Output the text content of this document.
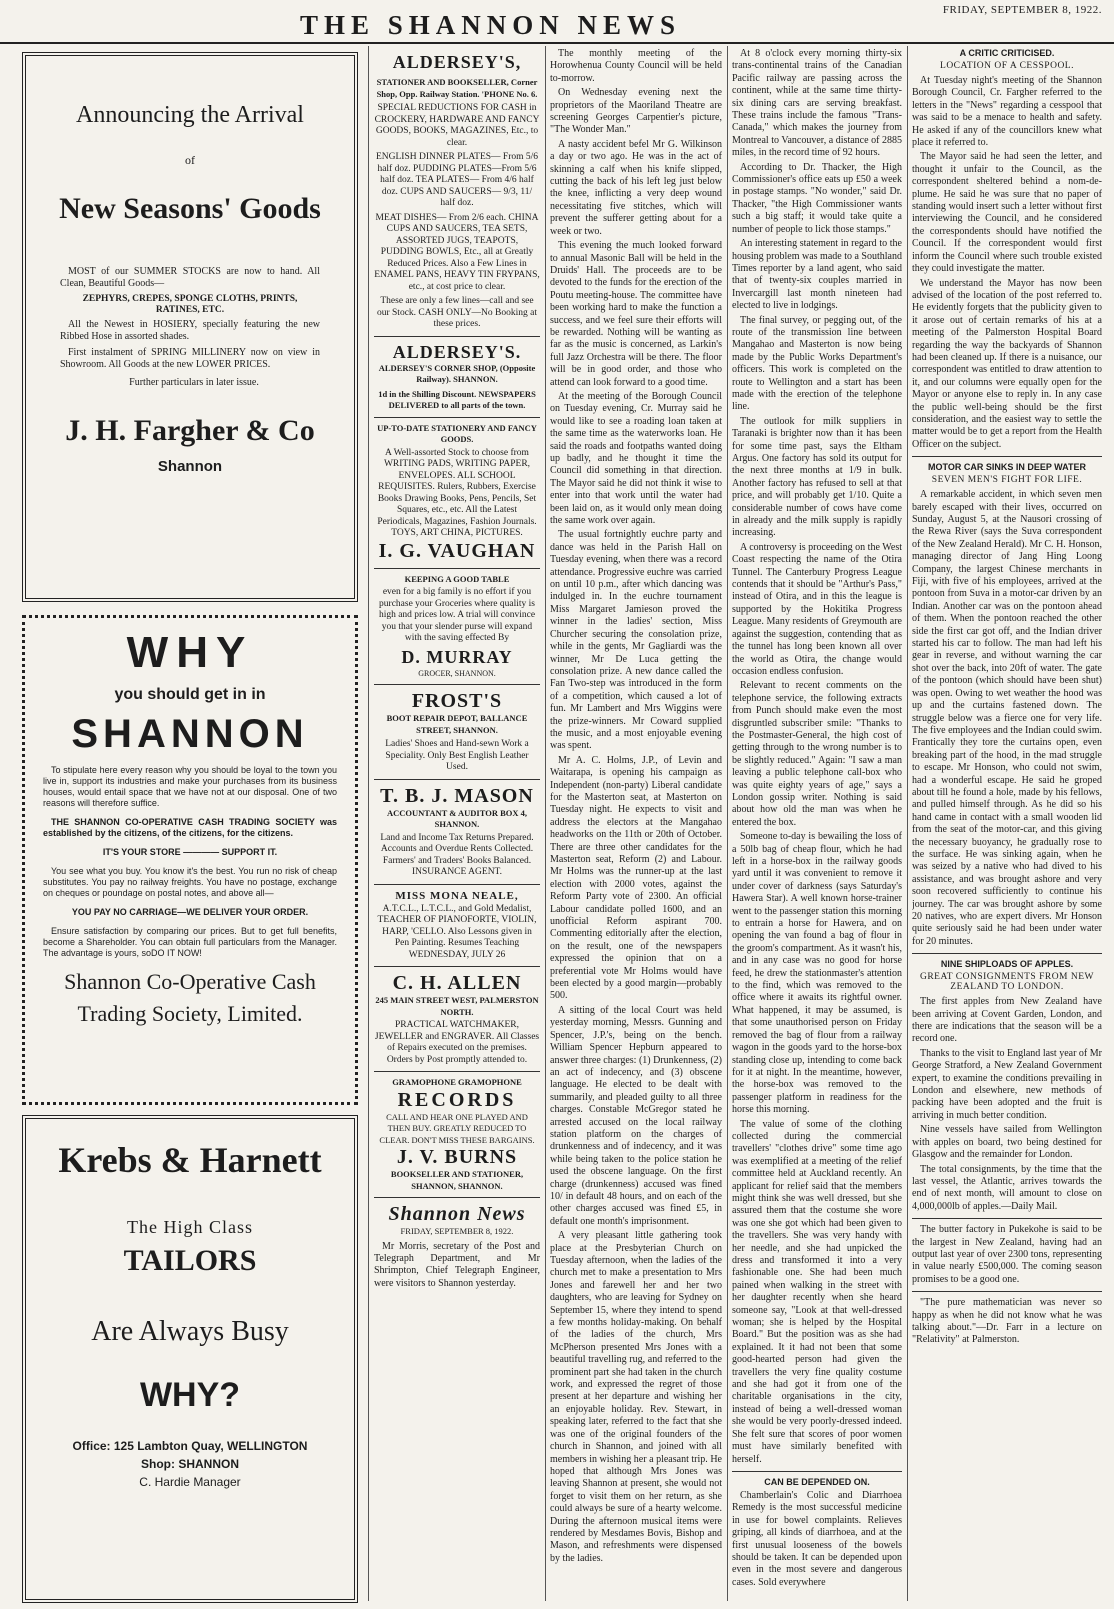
THE SHANNON NEWS	FRIDAY, SEPTEMBER 8, 1922.
Announcing the Arrival
of
New Seasons' Goods

MOST of our SUMMER STOCKS are now to hand. All Clean, Beautiful Goods—

ZEPHYRS, CREPES, SPONGE CLOTHS, PRINTS, RATINES, ETC.

All the Newest in HOSIERY, specially featuring the new Ribbed Hose in assorted shades.

First instalment of SPRING MILLINERY now on view in Showroom. All Goods at the new LOWER PRICES.

Further particulars in later issue.

J. H. Fargher & Co
Shannon
WHY
you should get in in
SHANNON

To stipulate here every reason why you should be loyal to the town you live in, support its industries and make your purchases from its business houses, would entail space that we have not at our disposal. One of two reasons will therefore suffice.

THE SHANNON CO-OPERATIVE CASH TRADING SOCIETY was established by the citizens, of the citizens, for the citizens.

IT'S YOUR STORE ———— SUPPORT IT.

You see what you buy. You know it's the best. You run no risk of cheap substitutes. You pay no railway freights. You have no postage, exchange on cheques or poundage on postal notes, and above all—

YOU PAY NO CARRIAGE—WE DELIVER YOUR ORDER.

Ensure satisfaction by comparing our prices. But to get full benefits, become a Shareholder. You can obtain full particulars from the Manager. The advantage is yours, soDO IT NOW!

Shannon Co-Operative Cash
Trading Society, Limited.
Krebs & Harnett
The High Class
TAILORS
Are Always Busy
WHY?
Office: 125 Lambton Quay, WELLINGTON
Shop: SHANNON
C. Hardie Manager
ALDERSEY'S,
STATIONER AND BOOKSELLER, Corner Shop, Opp. Railway Station. 'PHONE No. 6.
SPECIAL REDUCTIONS FOR CASH in CROCKERY, HARDWARE AND FANCY GOODS, BOOKS, MAGAZINES, Etc., to clear.
ENGLISH DINNER PLATES— From 5/6 half doz. PUDDING PLATES—From 5/6 half doz. TEA PLATES— From 4/6 half doz. CUPS AND SAUCERS— 9/3, 11/ half doz.
MEAT DISHES— From 2/6 each. CHINA CUPS AND SAUCERS, TEA SETS, ASSORTED JUGS, TEAPOTS, PUDDING BOWLS, Etc., all at Greatly Reduced Prices. Also a Few Lines in ENAMEL PANS, HEAVY TIN FRYPANS, etc., at cost price to clear.
These are only a few lines—call and see our Stock. CASH ONLY—No Booking at these prices.
ALDERSEY'S.
ALDERSEY'S CORNER SHOP, (Opposite Railway). SHANNON.
1d in the Shilling Discount. NEWSPAPERS DELIVERED to all parts of the town.
UP-TO-DATE STATIONERY AND FANCY GOODS.
A Well-assorted Stock to choose from WRITING PADS, WRITING PAPER, ENVELOPES. ALL SCHOOL REQUISITES. Rulers, Rubbers, Exercise Books Drawing Books, Pens, Pencils, Set Squares, etc., etc. All the Latest Periodicals, Magazines, Fashion Journals. TOYS, ART CHINA, PICTURES.
I. G. VAUGHAN
KEEPING A GOOD TABLE
even for a big family is no effort if you purchase your Groceries where quality is high and prices low. A trial will convince you that your slender purse will expand with the saving effected By
D. MURRAY
GROCER, SHANNON.
FROST'S
BOOT REPAIR DEPOT, BALLANCE STREET, SHANNON.
Ladies' Shoes and Hand-sewn Work a Speciality. Only Best English Leather Used.
T. B. J. MASON
ACCOUNTANT & AUDITOR BOX 4, SHANNON.
Land and Income Tax Returns Prepared. Accounts and Overdue Rents Collected. Farmers' and Traders' Books Balanced. INSURANCE AGENT.
MISS MONA NEALE,
A.T.C.L., L.T.C.L., and Gold Medalist, TEACHER OF PIANOFORTE, VIOLIN, HARP, 'CELLO. Also Lessons given in Pen Painting. Resumes Teaching WEDNESDAY, JULY 26
C. H. ALLEN
245 MAIN STREET WEST, PALMERSTON NORTH.
PRACTICAL WATCHMAKER, JEWELLER and ENGRAVER. All Classes of Repairs executed on the premises. Orders by Post promptly attended to.
GRAMOPHONE GRAMOPHONE
RECORDS
CALL AND HEAR ONE PLAYED AND THEN BUY. GREATLY REDUCED TO CLEAR. DON'T MISS THESE BARGAINS.
J. V. BURNS
BOOKSELLER AND STATIONER, SHANNON, SHANNON.
Shannon News
FRIDAY, SEPTEMBER 8, 1922.

Mr Morris, secretary of the Post and Telegraph Department, and Mr Shrimpton, Chief Telegraph Engineer, were visitors to Shannon yesterday.

The monthly meeting of the Horowhenua County Council will be held to-morrow.

On Wednesday evening next the proprietors of the Maoriland Theatre are screening Georges Carpentier's picture, "The Wonder Man."

A nasty accident befel Mr G. Wilkinson a day or two ago. He was in the act of skinning a calf when his knife slipped, cutting the back of his left leg just below the knee, inflicting a very deep wound necessitating five stitches, which will prevent the sufferer getting about for a week or two.

This evening the much looked forward to annual Masonic Ball will be held in the Druids' Hall. The proceeds are to be devoted to the funds for the erection of the Poutu meeting-house. The committee have been working hard to make the function a success, and we feel sure their efforts will be rewarded. Nothing will be wanting as far as the music is concerned, as Larkin's full Jazz Orchestra will be there. The floor will be in good order, and those who attend can look forward to a good time.

At the meeting of the Borough Council on Tuesday evening, Cr. Murray said he would like to see a roading loan taken at the same time as the waterworks loan. He said the roads and footpaths wanted doing up badly, and he thought it time the Council did something in that direction. The Mayor said he did not think it wise to enter into that work until the water had been laid on, as it would only mean doing the same work over again.

The usual fortnightly euchre party and dance was held in the Parish Hall on Tuesday evening, when there was a record attendance. Progressive euchre was carried on until 10 p.m., after which dancing was indulged in. In the euchre tournament Miss Margaret Jamieson proved the winner in the ladies' section, Miss Churcher securing the consolation prize, while in the gents, Mr Gagliardi was the winner, Mr De Luca getting the consolation prize. A new dance called the Fan Two-step was introduced in the form of a competition, which caused a lot of fun. Mr Lambert and Mrs Wiggins were the prize-winners. Mr Coward supplied the music, and a most enjoyable evening was spent.

Mr A. C. Holms, J.P., of Levin and Waitarapa, is opening his campaign as Independent (non-party) Liberal candidate for the Masterton seat, at Masterton on Tuesday night. He expects to visit and address the electors at the Mangahao headworks on the 11th or 20th of October. There are three other candidates for the Masterton seat, Reform (2) and Labour. Mr Holms was the runner-up at the last election with 2000 votes, against the Reform Party vote of 2300. An official Labour candidate polled 1600, and an unofficial Reform aspirant 700. Commenting editorially after the election, on the result, one of the newspapers expressed the opinion that on a preferential vote Mr Holms would have been elected by a good margin—probably 500.

A sitting of the local Court was held yesterday morning, Messrs. Gunning and Spencer, J.P.'s, being on the bench. William Spencer Hepburn appeared to answer three charges: (1) Drunkenness, (2) an act of indecency, and (3) obscene language. He elected to be dealt with summarily, and pleaded guilty to all three charges. Constable McGregor stated he arrested accused on the local railway station platform on the charges of drunkenness and of indecency, and it was while being taken to the police station he used the obscene language. On the first charge (drunkenness) accused was fined 10/ in default 48 hours, and on each of the other charges accused was fined £5, in default one month's imprisonment.

A very pleasant little gathering took place at the Presbyterian Church on Tuesday afternoon, when the ladies of the church met to make a presentation to Mrs Jones and farewell her and her two daughters, who are leaving for Sydney on September 15, where they intend to spend a few months holiday-making. On behalf of the ladies of the church, Mrs McPherson presented Mrs Jones with a beautiful travelling rug, and referred to the prominent part she had taken in the church work, and expressed the regret of those present at her departure and wishing her an enjoyable holiday. Rev. Stewart, in speaking later, referred to the fact that she was one of the original founders of the church in Shannon, and joined with all members in wishing her a pleasant trip. He hoped that although Mrs Jones was leaving Shannon at present, she would not forget to visit them on her return, as she could always be sure of a hearty welcome. During the afternoon musical items were rendered by Mesdames Bovis, Bishop and Mason, and refreshments were dispensed by the ladies.

At 8 o'clock every morning thirty-six trans-continental trains of the Canadian Pacific railway are passing across the continent, while at the same time thirty-six dining cars are serving breakfast. These trains include the famous "Trans-Canada," which makes the journey from Montreal to Vancouver, a distance of 2885 miles, in the record time of 92 hours.

According to Dr. Thacker, the High Commissioner's office eats up £50 a week in postage stamps. "No wonder," said Dr. Thacker, "the High Commissioner wants such a big staff; it would take quite a number of people to lick those stamps."

An interesting statement in regard to the housing problem was made to a Southland Times reporter by a land agent, who said that of twenty-six couples married in Invercargill last month nineteen had elected to live in lodgings.

The final survey, or pegging out, of the route of the transmission line between Mangahao and Masterton is now being made by the Public Works Department's officers. This work is completed on the route to Wellington and a start has been made with the erection of the telephone line.

The outlook for milk suppliers in Taranaki is brighter now than it has been for some time past, says the Eltham Argus. One factory has sold its output for the next three months at 1/9 in bulk. Another factory has refused to sell at that price, and will probably get 1/10. Quite a considerable number of cows have come in already and the milk supply is rapidly increasing.

A controversy is proceeding on the West Coast respecting the name of the Otira Tunnel. The Canterbury Progress League contends that it should be "Arthur's Pass," instead of Otira, and in this the league is supported by the Hokitika Progress League. Many residents of Greymouth are against the suggestion, contending that as the tunnel has long been known all over the world as Otira, the change would occasion endless confusion.

Relevant to recent comments on the telephone service, the following extracts from Punch should make even the most disgruntled subscriber smile: "Thanks to the Postmaster-General, the high cost of getting through to the wrong number is to be slightly reduced." Again: "I saw a man leaving a public telephone call-box who was quite eighty years of age," says a London gossip writer. Nothing is said about how old the man was when he entered the box.

Someone to-day is bewailing the loss of a 50lb bag of cheap flour, which he had left in a horse-box in the railway goods yard until it was convenient to remove it under cover of darkness (says Saturday's Hawera Star). A well known horse-trainer went to the passenger station this morning to entrain a horse for Hawera, and on opening the van found a bag of flour in the groom's compartment. As it wasn't his, and in any case was no good for horse feed, he drew the stationmaster's attention to the find, which was removed to the office where it awaits its rightful owner. What happened, it may be assumed, is that some unauthorised person on Friday removed the bag of flour from a railway wagon in the goods yard to the horse-box standing close up, intending to come back for it at night. In the meantime, however, the horse-box was removed to the passenger platform in readiness for the horse this morning.

The value of some of the clothing collected during the commercial travellers' "clothes drive" some time ago was exemplified at a meeting of the relief committee held at Auckland recently. An applicant for relief said that the members might think she was well dressed, but she assured them that the costume she wore was one she got which had been given to the travellers. She was very handy with her needle, and she had unpicked the dress and transformed it into a very fashionable one. She had been much pained when walking in the street with her daughter recently when she heard someone say, "Look at that well-dressed woman; she is helped by the Hospital Board." But the position was as she had explained. It it had not been that some good-hearted person had given the travellers the very fine quality costume and she had got it from one of the charitable organisations in the city, instead of being a well-dressed woman she would be very poorly-dressed indeed. She felt sure that scores of poor women must have similarly benefited with herself.

CAN BE DEPENDED ON.

Chamberlain's Colic and Diarrhoea Remedy is the most successful medicine in use for bowel complaints. Relieves griping, all kinds of diarrhoea, and at the first unusual looseness of the bowels should be taken. It can be depended upon even in the most severe and dangerous cases. Sold everywhere

A CRITIC CRITICISED.
LOCATION OF A CESSPOOL.

At Tuesday night's meeting of the Shannon Borough Council, Cr. Fargher referred to the letters in the "News" regarding a cesspool that was said to be a menace to health and safety. He asked if any of the councillors knew what place it referred to.

The Mayor said he had seen the letter, and thought it unfair to the Council, as the correspondent sheltered behind a nom-de-plume. He said he was sure that no paper of standing would insert such a letter without first interviewing the Council, and he considered the correspondents should have notified the Council. If the correspondent would first inform the Council where such trouble existed they could investigate the matter.

We understand the Mayor has now been advised of the location of the post referred to. He evidently forgets that the publicity given to it arose out of certain remarks of his at a meeting of the Palmerston Hospital Board regarding the way the backyards of Shannon had been cleaned up. If there is a nuisance, our correspondent was entitled to draw attention to it, and our columns were equally open for the Mayor or anyone else to reply in. In any case the public well-being should be the first consideration, and the easiest way to settle the matter would be to get a report from the Health Officer on the subject.

MOTOR CAR SINKS IN DEEP WATER
SEVEN MEN'S FIGHT FOR LIFE.

A remarkable accident, in which seven men barely escaped with their lives, occurred on Sunday, August 5, at the Nausori crossing of the Rewa River (says the Suva correspondent of the New Zealand Herald). Mr C. H. Honson, managing director of Jang Hing Loong Company, the largest Chinese merchants in Fiji, with five of his employees, arrived at the pontoon from Suva in a motor-car driven by an Indian. Another car was on the pontoon ahead of them. When the pontoon reached the other side the first car got off, and the Indian driver started his car to follow. The man had left his gear in reverse, and without warning the car shot over the back, into 20ft of water. The gate of the pontoon (which should have been shut) was open. Owing to wet weather the hood was up and the curtains fastened down. The struggle below was a fierce one for very life. The five employees and the Indian could swim. Frantically they tore the curtains open, even breaking part of the hood, in the mad struggle to escape. Mr Honson, who could not swim, had a wonderful escape. He said he groped about till he found a hole, made by his fellows, and pulled himself through. As he did so his hand came in contact with a small wooden lid from the seat of the motor-car, and this giving the necessary buoyancy, he gradually rose to the surface. He was sinking again, when he was seized by a native who had dived to his assistance, and was brought ashore and very soon recovered sufficiently to continue his journey. The car was brought ashore by some 20 natives, who are expert divers. Mr Honson quite seriously said he had been under water for 20 minutes.

NINE SHIPLOADS OF APPLES.
GREAT CONSIGNMENTS FROM NEW ZEALAND TO LONDON.

The first apples from New Zealand have been arriving at Covent Garden, London, and there are indications that the season will be a record one.

Thanks to the visit to England last year of Mr George Stratford, a New Zealand Government expert, to examine the conditions prevailing in London and elsewhere, new methods of packing have been adopted and the fruit is arriving in much better condition.

Nine vessels have sailed from Wellington with apples on board, two being destined for Glasgow and the remainder for London.

The total consignments, by the time that the last vessel, the Atlantic, arrives towards the end of next month, will amount to close on 4,000,000lb of apples.—Daily Mail.

The butter factory in Pukekohe is said to be the largest in New Zealand, having had an output last year of over 2300 tons, representing in value nearly £500,000. The coming season promises to be a good one.

"The pure mathematician was never so happy as when he did not know what he was talking about."—Dr. Farr in a lecture on "Relativity" at Palmerston.
